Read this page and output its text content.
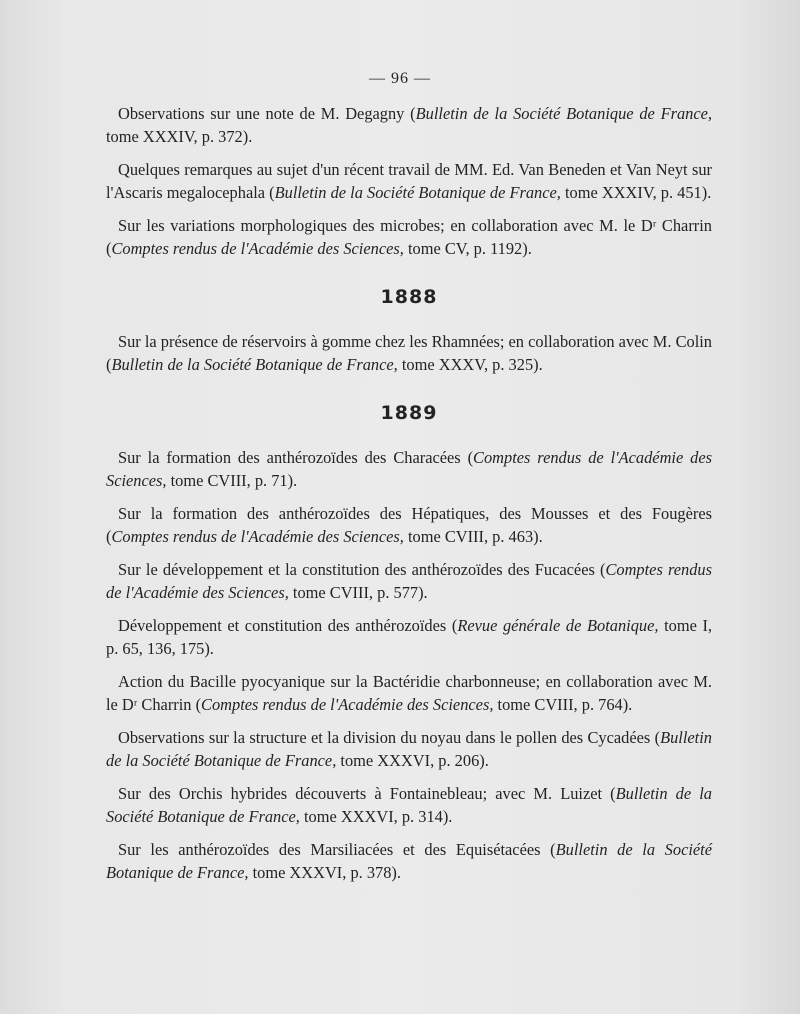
— 96 —

Observations sur une note de M. Degagny (Bulletin de la Société Botanique de France, tome XXXIV, p. 372).

Quelques remarques au sujet d'un récent travail de MM. Ed. Van Beneden et Van Neyt sur l'Ascaris megalocephala (Bulletin de la Société Botanique de France, tome XXXIV, p. 451).

Sur les variations morphologiques des microbes; en collaboration avec M. le Dʳ Charrin (Comptes rendus de l'Académie des Sciences, tome CV, p. 1192).

1888

Sur la présence de réservoirs à gomme chez les Rhamnées; en collaboration avec M. Colin (Bulletin de la Société Botanique de France, tome XXXV, p. 325).

1889

Sur la formation des anthérozoïdes des Characées (Comptes rendus de l'Académie des Sciences, tome CVIII, p. 71).

Sur la formation des anthérozoïdes des Hépatiques, des Mousses et des Fougères (Comptes rendus de l'Académie des Sciences, tome CVIII, p. 463).

Sur le développement et la constitution des anthérozoïdes des Fucacées (Comptes rendus de l'Académie des Sciences, tome CVIII, p. 577).

Développement et constitution des anthérozoïdes (Revue générale de Botanique, tome I, p. 65, 136, 175).

Action du Bacille pyocyanique sur la Bactéridie charbonneuse; en collaboration avec M. le Dʳ Charrin (Comptes rendus de l'Académie des Sciences, tome CVIII, p. 764).

Observations sur la structure et la division du noyau dans le pollen des Cycadées (Bulletin de la Société Botanique de France, tome XXXVI, p. 206).

Sur des Orchis hybrides découverts à Fontainebleau; avec M. Luizet (Bulletin de la Société Botanique de France, tome XXXVI, p. 314).

Sur les anthérozoïdes des Marsiliacées et des Equisétacées (Bulletin de la Société Botanique de France, tome XXXVI, p. 378).
